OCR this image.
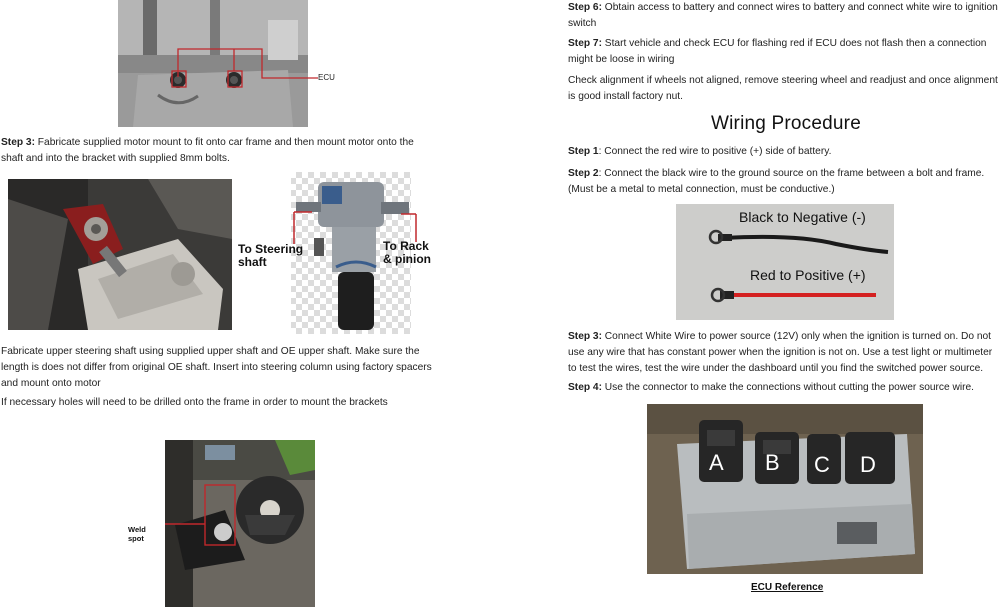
ECU
Step 3: Fabricate supplied motor mount to fit onto car frame and then mount motor onto the shaft and into the bracket with supplied 8mm bolts.
To Steering
shaft
To Rack
& pinion
Fabricate upper steering shaft using supplied upper shaft and OE upper shaft. Make sure the length is does not differ from original OE shaft. Insert into steering column using factory spacers and mount onto motor
If necessary holes will need to be drilled onto the frame in order to mount the brackets
Weld
spot
Step 6: Obtain access to battery and connect wires to battery and connect white wire to ignition switch
Step 7: Start vehicle and check ECU for flashing red if ECU does not flash then a connection might be loose in wiring
Check alignment if wheels not aligned, remove steering wheel and readjust and once alignment is good install factory nut.
Wiring Procedure
Step 1: Connect the red wire to positive (+) side of battery.
Step 2: Connect the black wire to the ground source on the frame between a bolt and frame. (Must be a metal to metal connection, must be conductive.)
Black to Negative (-)
Red to Positive (+)
Step 3: Connect White Wire to power source (12V) only when the ignition is turned on. Do not use any wire that has constant power when the ignition is not on. Use a test light or multimeter to test the wires, test the wire under the dashboard until you find the switched power source.
Step 4: Use the connector to make the connections without cutting the power source wire.
A B C D
ECU Reference
